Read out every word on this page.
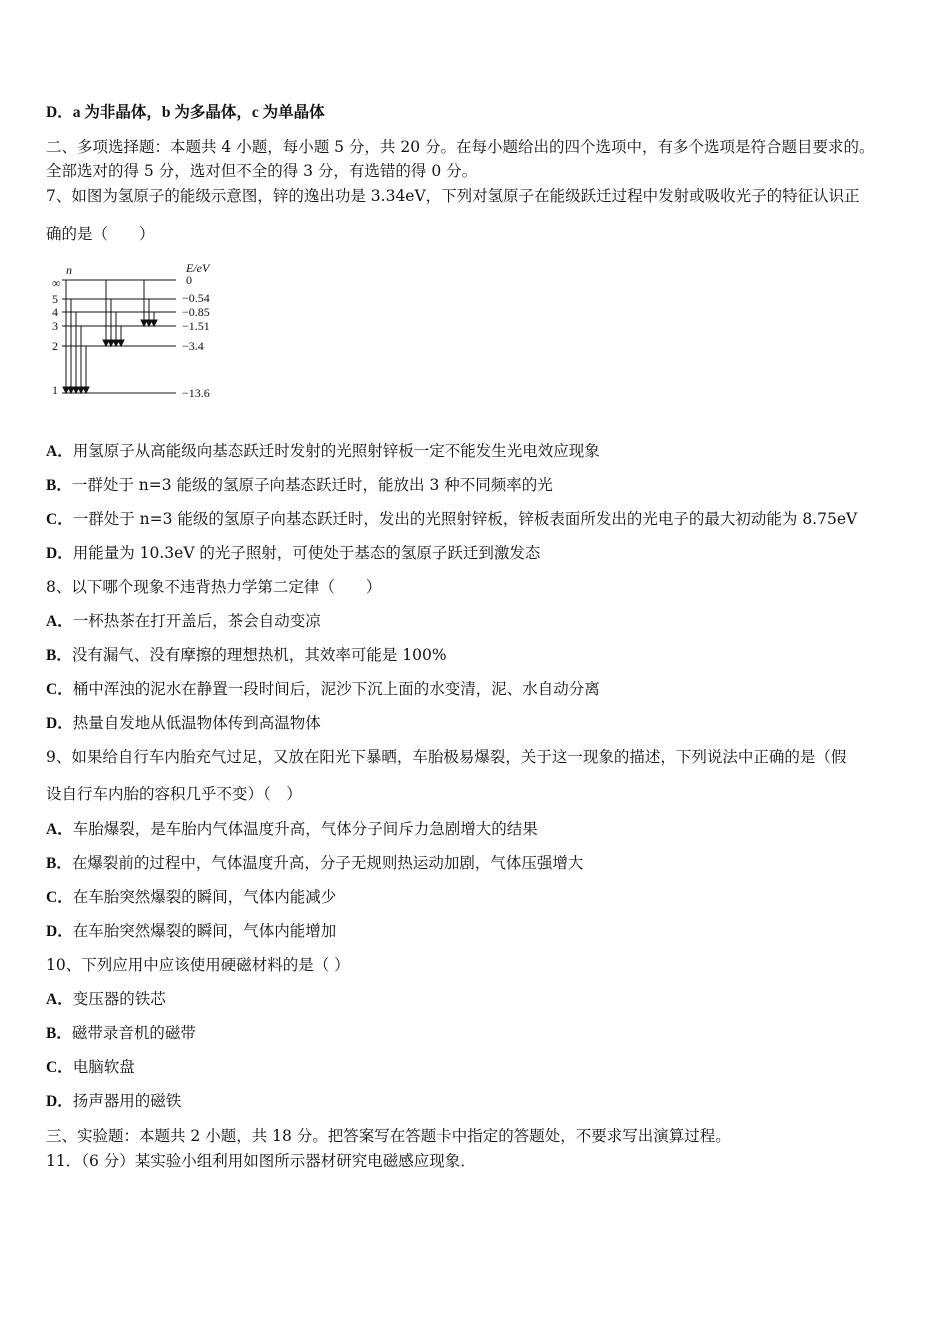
D．a 为非晶体，b 为多晶体，c 为单晶体
二、多项选择题：本题共 4 小题，每小题 5 分，共 20 分。在每小题给出的四个选项中，有多个选项是符合题目要求的。
全部选对的得 5 分，选对但不全的得 3 分，有选错的得 0 分。
7、如图为氢原子的能级示意图，锌的逸出功是 3.34eV，下列对氢原子在能级跃迁过程中发射或吸收光子的特征认识正
确的是（　　）
n	E/eV
∞
5
4
3
2
1
0
−0.54
−0.85
−1.51
−3.4
−13.6
A．用氢原子从高能级向基态跃迁时发射的光照射锌板一定不能发生光电效应现象
B．一群处于 n=3 能级的氢原子向基态跃迁时，能放出 3 种不同频率的光
C．一群处于 n=3 能级的氢原子向基态跃迁时，发出的光照射锌板，锌板表面所发出的光电子的最大初动能为 8.75eV
D．用能量为 10.3eV 的光子照射，可使处于基态的氢原子跃迁到激发态
8、以下哪个现象不违背热力学第二定律（　　）
A．一杯热茶在打开盖后，茶会自动变凉
B．没有漏气、没有摩擦的理想热机，其效率可能是 100%
C．桶中浑浊的泥水在静置一段时间后，泥沙下沉上面的水变清，泥、水自动分离
D．热量自发地从低温物体传到高温物体
9、如果给自行车内胎充气过足，又放在阳光下暴晒，车胎极易爆裂，关于这一现象的描述，下列说法中正确的是（假
设自行车内胎的容积几乎不变）（　）
A．车胎爆裂，是车胎内气体温度升高，气体分子间斥力急剧增大的结果
B．在爆裂前的过程中，气体温度升高，分子无规则热运动加剧，气体压强增大
C．在车胎突然爆裂的瞬间，气体内能减少
D．在车胎突然爆裂的瞬间，气体内能增加
10、下列应用中应该使用硬磁材料的是（ ）
A．变压器的铁芯
B．磁带录音机的磁带
C．电脑软盘
D．扬声器用的磁铁
三、实验题：本题共 2 小题，共 18 分。把答案写在答题卡中指定的答题处，不要求写出演算过程。
11．（6 分）某实验小组利用如图所示器材研究电磁感应现象．
